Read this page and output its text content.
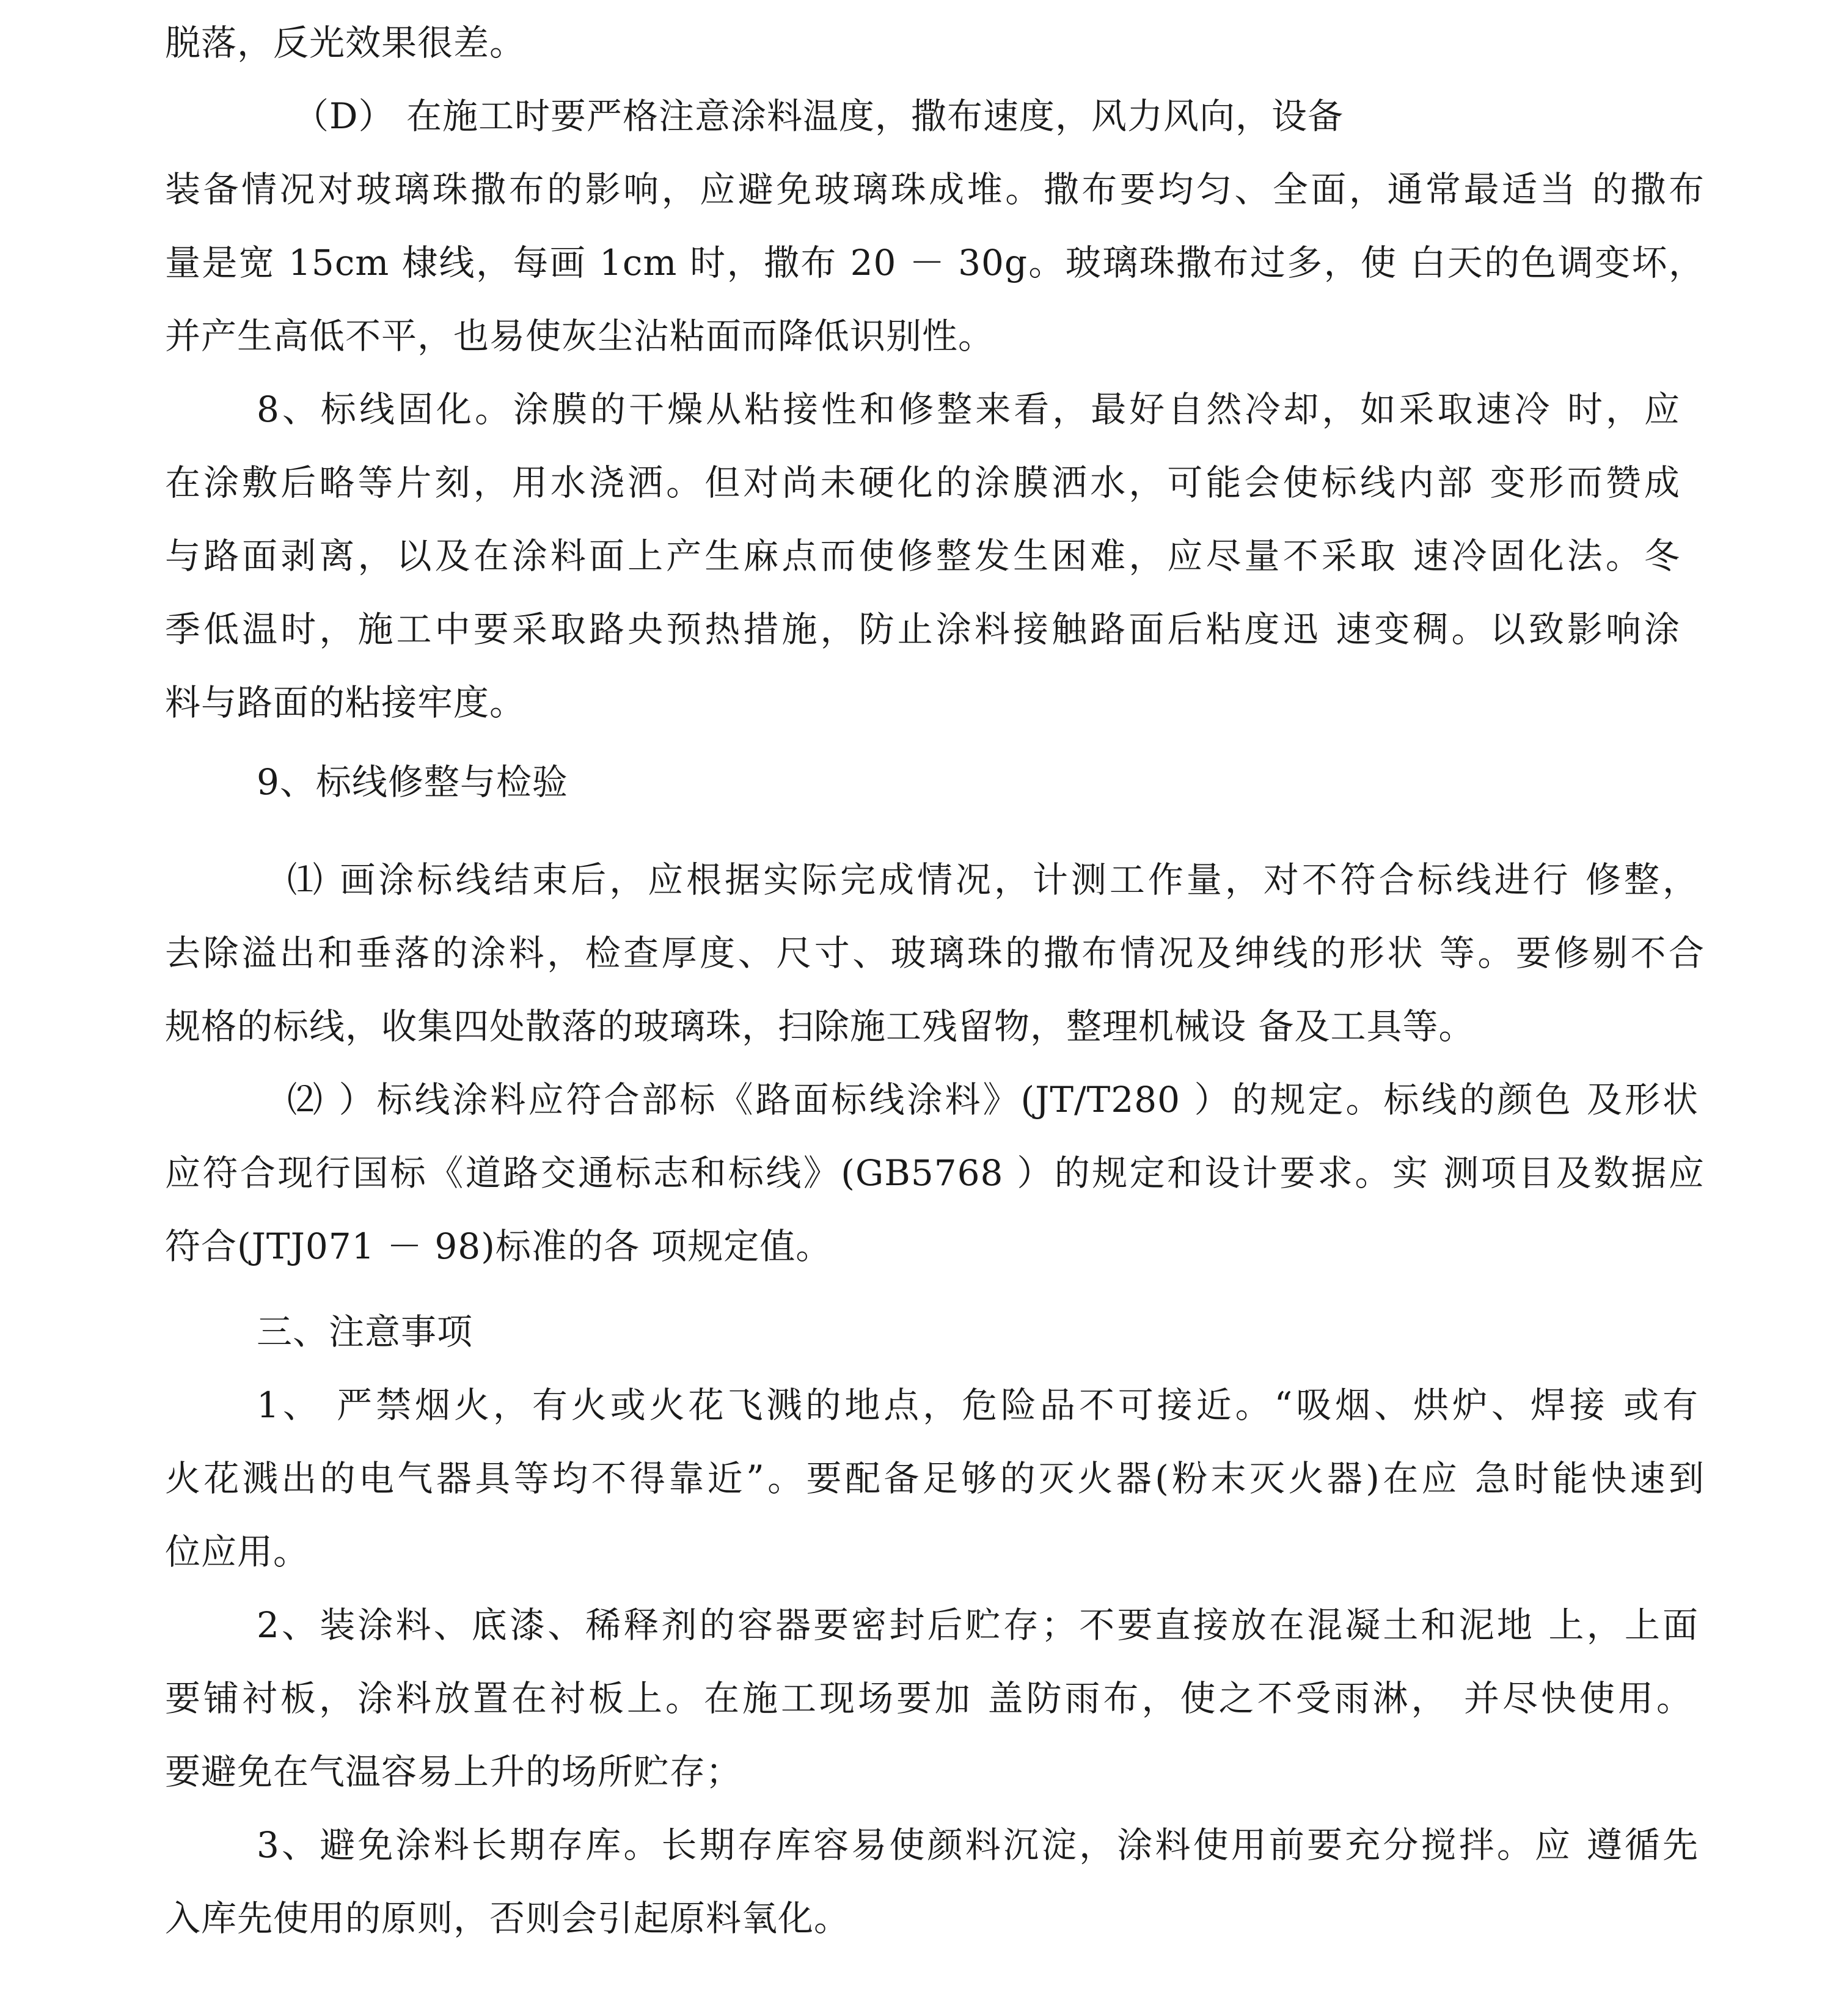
脱落，反光效果很差。
（D） 在施工时要严格注意涂料温度，撒布速度，风力风向，设备
装备情况对玻璃珠撒布的影响，应避免玻璃珠成堆。撒布要均匀、全面，通常最适当 的撒布
量是宽 15cm 棣线，每画 1cm 时，撒布 20 － 30g。玻璃珠撒布过多，使 白天的色调变坏，
并产生高低不平，也易使灰尘沾粘面而降低识别性。
8、标线固化。涂膜的干燥从粘接性和修整来看，最好自然冷却，如采取速冷 时，应
在涂敷后略等片刻，用水浇洒。但对尚未硬化的涂膜洒水，可能会使标线内部 变形而赞成
与路面剥离，以及在涂料面上产生麻点而使修整发生困难，应尽量不采取 速冷固化法。冬
季低温时，施工中要采取路央预热措施，防止涂料接触路面后粘度迅 速变稠。以致影响涂
料与路面的粘接牢度。
9、标线修整与检验
⑴ 画涂标线结束后，应根据实际完成情况，计测工作量，对不符合标线进行 修整，
去除溢出和垂落的涂料，检查厚度、尺寸、玻璃珠的撒布情况及绅线的形状 等。要修剔不合
规格的标线，收集四处散落的玻璃珠，扫除施工残留物，整理机械设 备及工具等。
⑵ ）标线涂料应符合部标《路面标线涂料》(JT/T280 ）的规定。标线的颜色 及形状
应符合现行国标《道路交通标志和标线》(GB5768 ）的规定和设计要求。实 测项目及数据应
符合(JTJ071 － 98)标准的各 项规定值。
三、注意事项
1、 严禁烟火，有火或火花飞溅的地点，危险品不可接近。“吸烟、烘炉、焊接 或有
火花溅出的电气器具等均不得靠近”。要配备足够的灭火器(粉末灭火器)在应 急时能快速到
位应用。
2、装涂料、底漆、稀释剂的容器要密封后贮存；不要直接放在混凝土和泥地 上，上面
要铺衬板，涂料放置在衬板上。在施工现场要加 盖防雨布，使之不受雨淋， 并尽快使用。
要避免在气温容易上升的场所贮存；
3、避免涂料长期存库。长期存库容易使颜料沉淀，涂料使用前要充分搅拌。应 遵循先
入库先使用的原则，否则会引起原料氧化。
